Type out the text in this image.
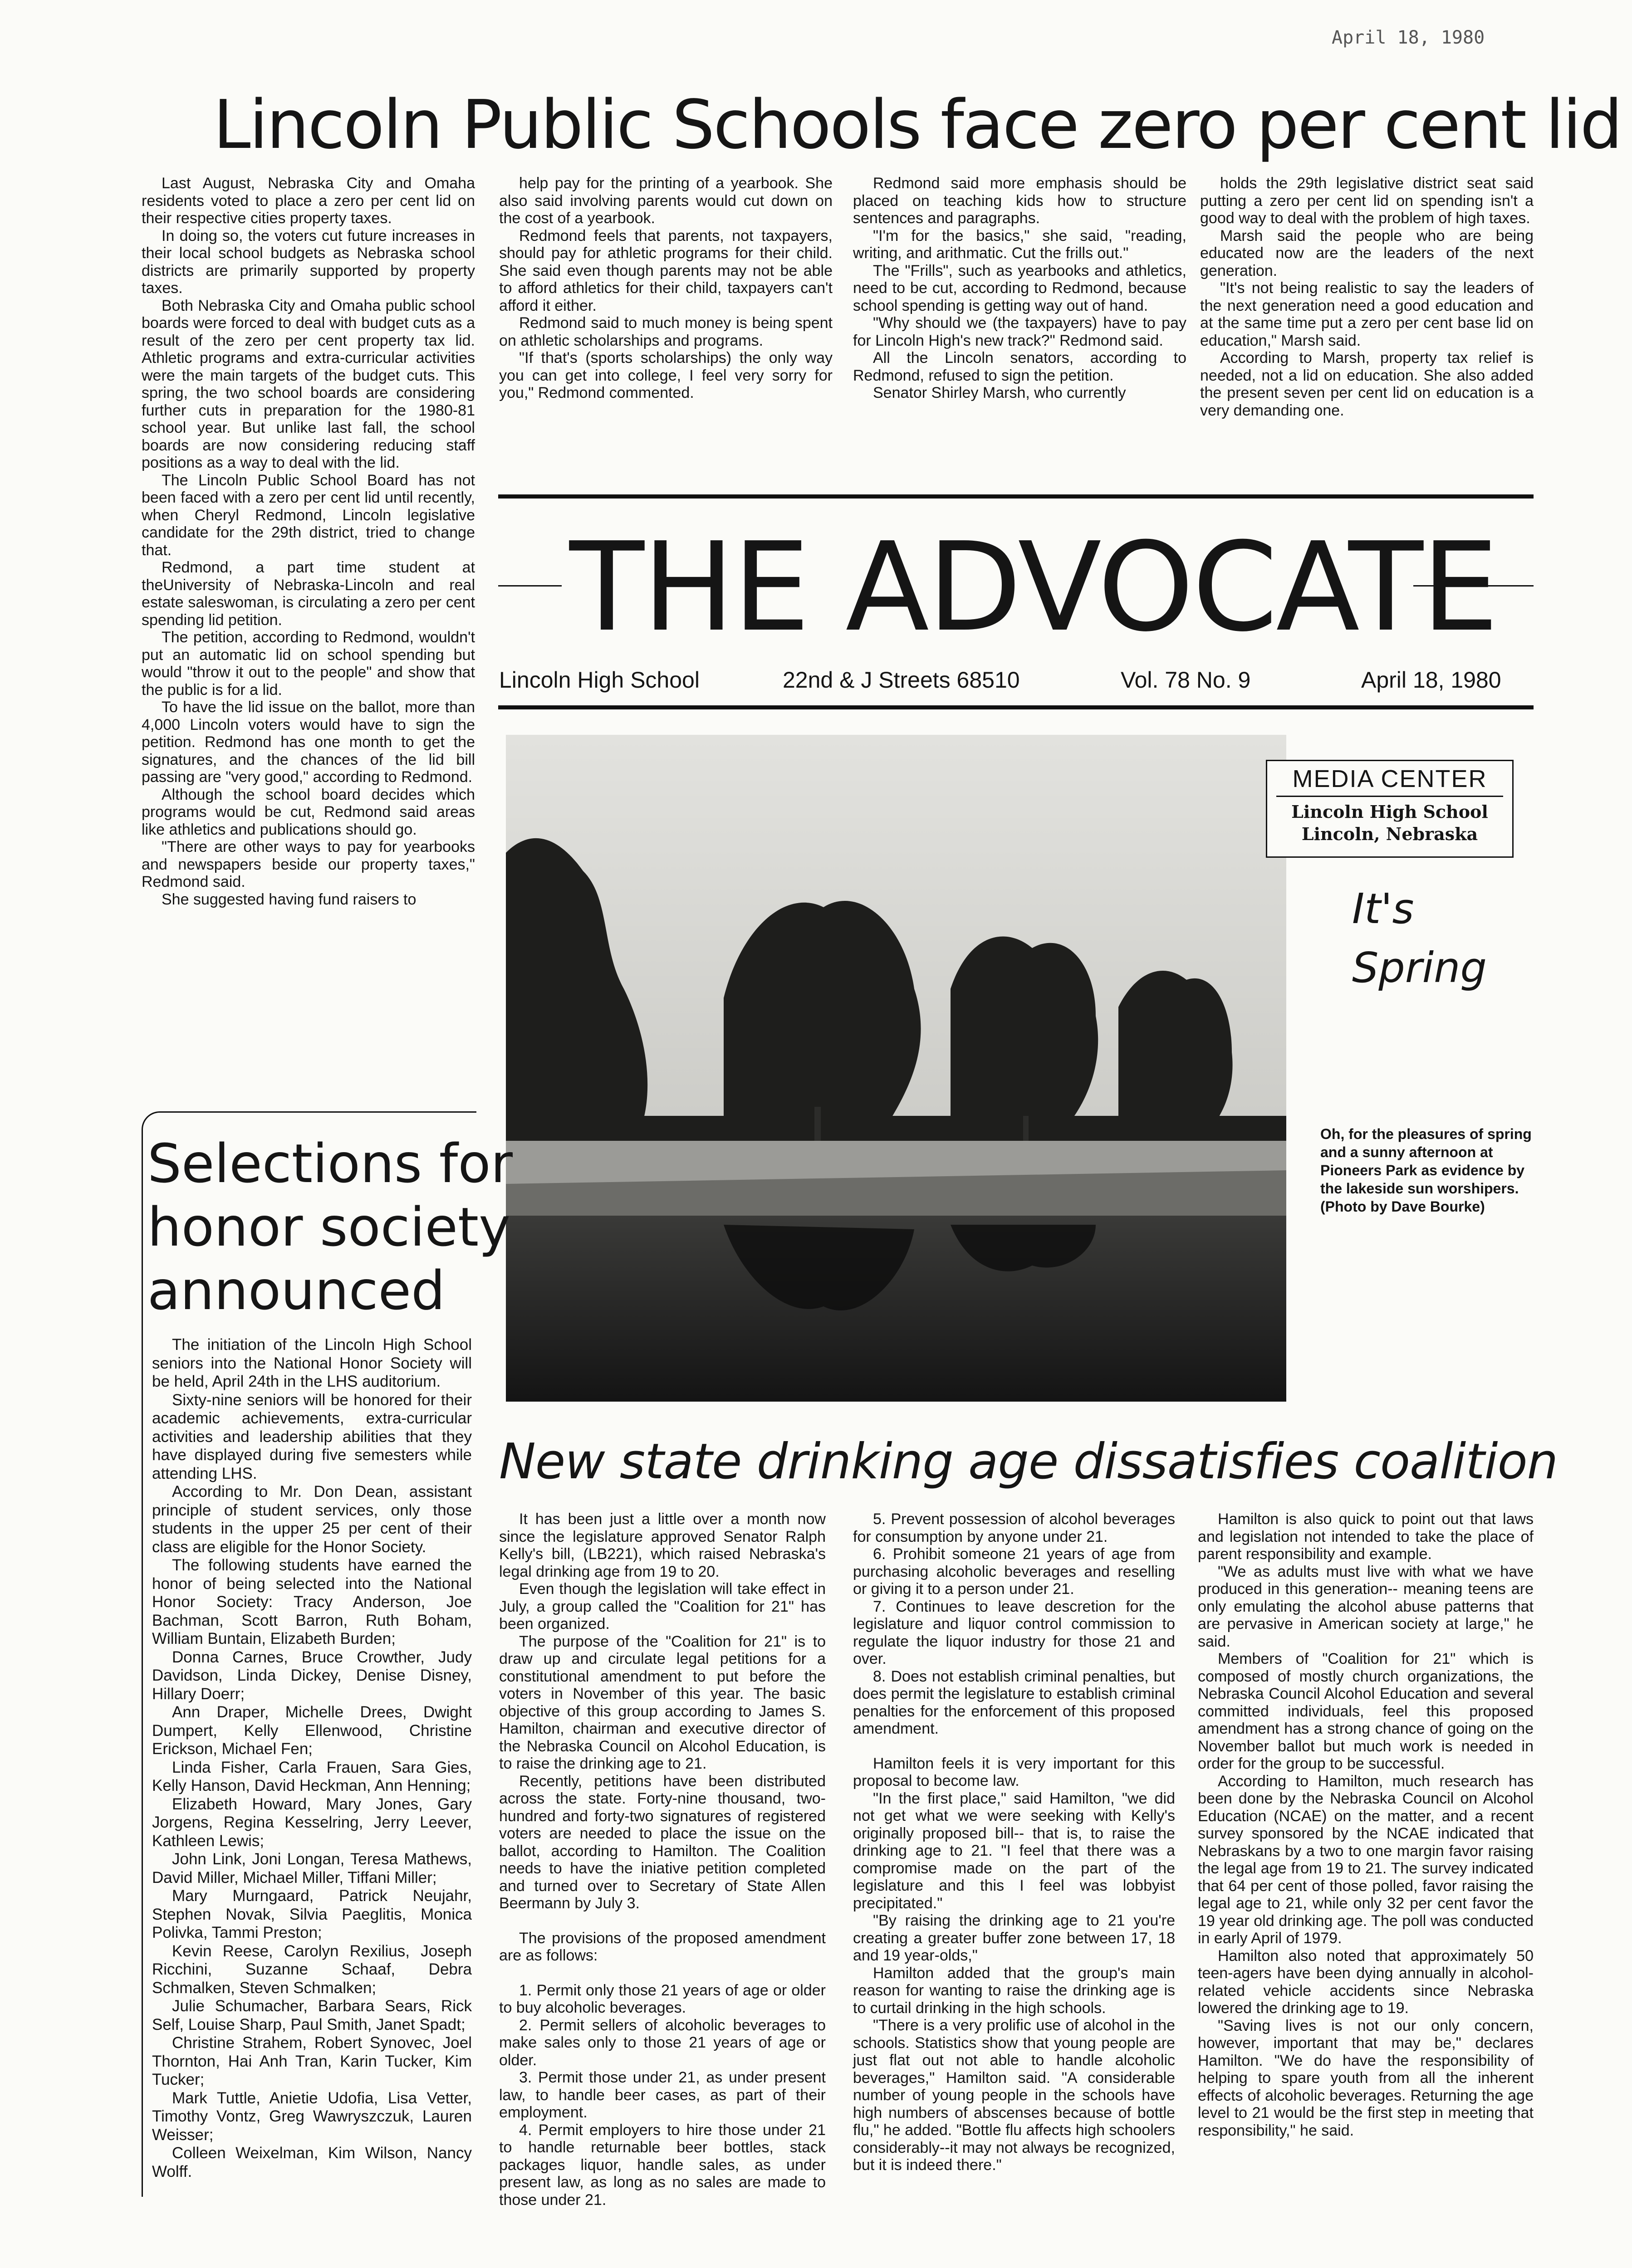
April 18, 1980
Lincoln Public Schools face zero per cent lid

Last August, Nebraska City and Omaha residents voted to place a zero per cent lid on their respective cities property taxes.

In doing so, the voters cut future increases in their local school budgets as Nebraska school districts are primarily supported by property taxes.

Both Nebraska City and Omaha public school boards were forced to deal with budget cuts as a result of the zero per cent property tax lid. Athletic programs and extra-curricular activities were the main targets of the budget cuts. This spring, the two school boards are considering further cuts in preparation for the 1980-81 school year. But unlike last fall, the school boards are now considering reducing staff positions as a way to deal with the lid.

The Lincoln Public School Board has not been faced with a zero per cent lid until recently, when Cheryl Redmond, Lincoln legislative candidate for the 29th district, tried to change that.

Redmond, a part time student at theUniversity of Nebraska-Lincoln and real estate saleswoman, is circulating a zero per cent spending lid petition.

The petition, according to Redmond, wouldn't put an automatic lid on school spending but would "throw it out to the people" and show that the public is for a lid.

To have the lid issue on the ballot, more than 4,000 Lincoln voters would have to sign the petition. Redmond has one month to get the signatures, and the chances of the lid bill passing are "very good," according to Redmond.

Although the school board decides which programs would be cut, Redmond said areas like athletics and publications should go.

"There are other ways to pay for yearbooks and newspapers beside our property taxes," Redmond said.

She suggested having fund raisers to

help pay for the printing of a yearbook. She also said involving parents would cut down on the cost of a yearbook.

Redmond feels that parents, not taxpayers, should pay for athletic programs for their child. She said even though parents may not be able to afford athletics for their child, taxpayers can't afford it either.

Redmond said to much money is being spent on athletic scholarships and programs.

"If that's (sports scholarships) the only way you can get into college, I feel very sorry for you," Redmond commented.

Redmond said more emphasis should be placed on teaching kids how to structure sentences and paragraphs.

"I'm for the basics," she said, "reading, writing, and arithmatic. Cut the frills out."

The "Frills", such as yearbooks and athletics, need to be cut, according to Redmond, because school spending is getting way out of hand.

"Why should we (the taxpayers) have to pay for Lincoln High's new track?" Redmond said.

All the Lincoln senators, according to Redmond, refused to sign the petition.

Senator Shirley Marsh, who currently

holds the 29th legislative district seat said putting a zero per cent lid on spending isn't a good way to deal with the problem of high taxes.

Marsh said the people who are being educated now are the leaders of the next generation.

"It's not being realistic to say the leaders of the next generation need a good education and at the same time put a zero per cent base lid on education," Marsh said.

According to Marsh, property tax relief is needed, not a lid on education. She also added the present seven per cent lid on education is a very demanding one.

THE ADVOCATE
Lincoln High School	22nd & J Streets 68510	Vol. 78 No. 9	April 18, 1980
MEDIA CENTER
Lincoln High School
Lincoln, Nebraska
It's
Spring
Oh, for the pleasures of spring and a sunny afternoon at Pioneers Park as evidence by the lakeside sun worshipers. (Photo by Dave Bourke)
Selections for
honor society
announced

The initiation of the Lincoln High School seniors into the National Honor Society will be held, April 24th in the LHS auditorium.

Sixty-nine seniors will be honored for their academic achievements, extra-curricular activities and leadership abilities that they have displayed during five semesters while attending LHS.

According to Mr. Don Dean, assistant principle of student services, only those students in the upper 25 per cent of their class are eligible for the Honor Society.

The following students have earned the honor of being selected into the National Honor Society: Tracy Anderson, Joe Bachman, Scott Barron, Ruth Boham, William Buntain, Elizabeth Burden;

Donna Carnes, Bruce Crowther, Judy Davidson, Linda Dickey, Denise Disney, Hillary Doerr;

Ann Draper, Michelle Drees, Dwight Dumpert, Kelly Ellenwood, Christine Erickson, Michael Fen;

Linda Fisher, Carla Frauen, Sara Gies, Kelly Hanson, David Heckman, Ann Henning;

Elizabeth Howard, Mary Jones, Gary Jorgens, Regina Kesselring, Jerry Leever, Kathleen Lewis;

John Link, Joni Longan, Teresa Mathews, David Miller, Michael Miller, Tiffani Miller;

Mary Murngaard, Patrick Neujahr, Stephen Novak, Silvia Paeglitis, Monica Polivka, Tammi Preston;

Kevin Reese, Carolyn Rexilius, Joseph Ricchini, Suzanne Schaaf, Debra Schmalken, Steven Schmalken;

Julie Schumacher, Barbara Sears, Rick Self, Louise Sharp, Paul Smith, Janet Spadt;

Christine Strahem, Robert Synovec, Joel Thornton, Hai Anh Tran, Karin Tucker, Kim Tucker;

Mark Tuttle, Anietie Udofia, Lisa Vetter, Timothy Vontz, Greg Wawryszczuk, Lauren Weisser;

Colleen Weixelman, Kim Wilson, Nancy Wolff.

New state drinking age dissatisfies coalition

It has been just a little over a month now since the legislature approved Senator Ralph Kelly's bill, (LB221), which raised Nebraska's legal drinking age from 19 to 20.

Even though the legislation will take effect in July, a group called the "Coalition for 21" has been organized.

The purpose of the "Coalition for 21" is to draw up and circulate legal petitions for a constitutional amendment to put before the voters in November of this year. The basic objective of this group according to James S. Hamilton, chairman and executive director of the Nebraska Council on Alcohol Education, is to raise the drinking age to 21.

Recently, petitions have been distributed across the state. Forty-nine thousand, two-hundred and forty-two signatures of registered voters are needed to place the issue on the ballot, according to Hamilton. The Coalition needs to have the iniative petition completed and turned over to Secretary of State Allen Beermann by July 3.

The provisions of the proposed amendment are as follows:

1. Permit only those 21 years of age or older to buy alcoholic beverages.

2. Permit sellers of alcoholic beverages to make sales only to those 21 years of age or older.

3. Permit those under 21, as under present law, to handle beer cases, as part of their employment.

4. Permit employers to hire those under 21 to handle returnable beer bottles, stack packages liquor, handle sales, as under present law, as long as no sales are made to those under 21.

5. Prevent possession of alcohol beverages for consumption by anyone under 21.

6. Prohibit someone 21 years of age from purchasing alcoholic beverages and reselling or giving it to a person under 21.

7. Continues to leave descretion for the legislature and liquor control commission to regulate the liquor industry for those 21 and over.

8. Does not establish criminal penalties, but does permit the legislature to establish criminal penalties for the enforcement of this proposed amendment.

Hamilton feels it is very important for this proposal to become law.

"In the first place," said Hamilton, "we did not get what we were seeking with Kelly's originally proposed bill-- that is, to raise the drinking age to 21. "I feel that there was a compromise made on the part of the legislature and this I feel was lobbyist precipitated."

"By raising the drinking age to 21 you're creating a greater buffer zone between 17, 18 and 19 year-olds,"

Hamilton added that the group's main reason for wanting to raise the drinking age is to curtail drinking in the high schools.

"There is a very prolific use of alcohol in the schools. Statistics show that young people are just flat out not able to handle alcoholic beverages," Hamilton said. "A considerable number of young people in the schools have high numbers of abscenses because of bottle flu," he added. "Bottle flu affects high schoolers considerably--it may not always be recognized, but it is indeed there."

Hamilton is also quick to point out that laws and legislation not intended to take the place of parent responsibility and example.

"We as adults must live with what we have produced in this generation-- meaning teens are only emulating the alcohol abuse patterns that are pervasive in American society at large," he said.

Members of "Coalition for 21" which is composed of mostly church organizations, the Nebraska Council Alcohol Education and several committed individuals, feel this proposed amendment has a strong chance of going on the November ballot but much work is needed in order for the group to be successful.

According to Hamilton, much research has been done by the Nebraska Council on Alcohol Education (NCAE) on the matter, and a recent survey sponsored by the NCAE indicated that Nebraskans by a two to one margin favor raising the legal age from 19 to 21. The survey indicated that 64 per cent of those polled, favor raising the legal age to 21, while only 32 per cent favor the 19 year old drinking age. The poll was conducted in early April of 1979.

Hamilton also noted that approximately 50 teen-agers have been dying annually in alcohol-related vehicle accidents since Nebraska lowered the drinking age to 19.

"Saving lives is not our only concern, however, important that may be," declares Hamilton. "We do have the responsibility of helping to spare youth from all the inherent effects of alcoholic beverages. Returning the age level to 21 would be the first step in meeting that responsibility," he said.
